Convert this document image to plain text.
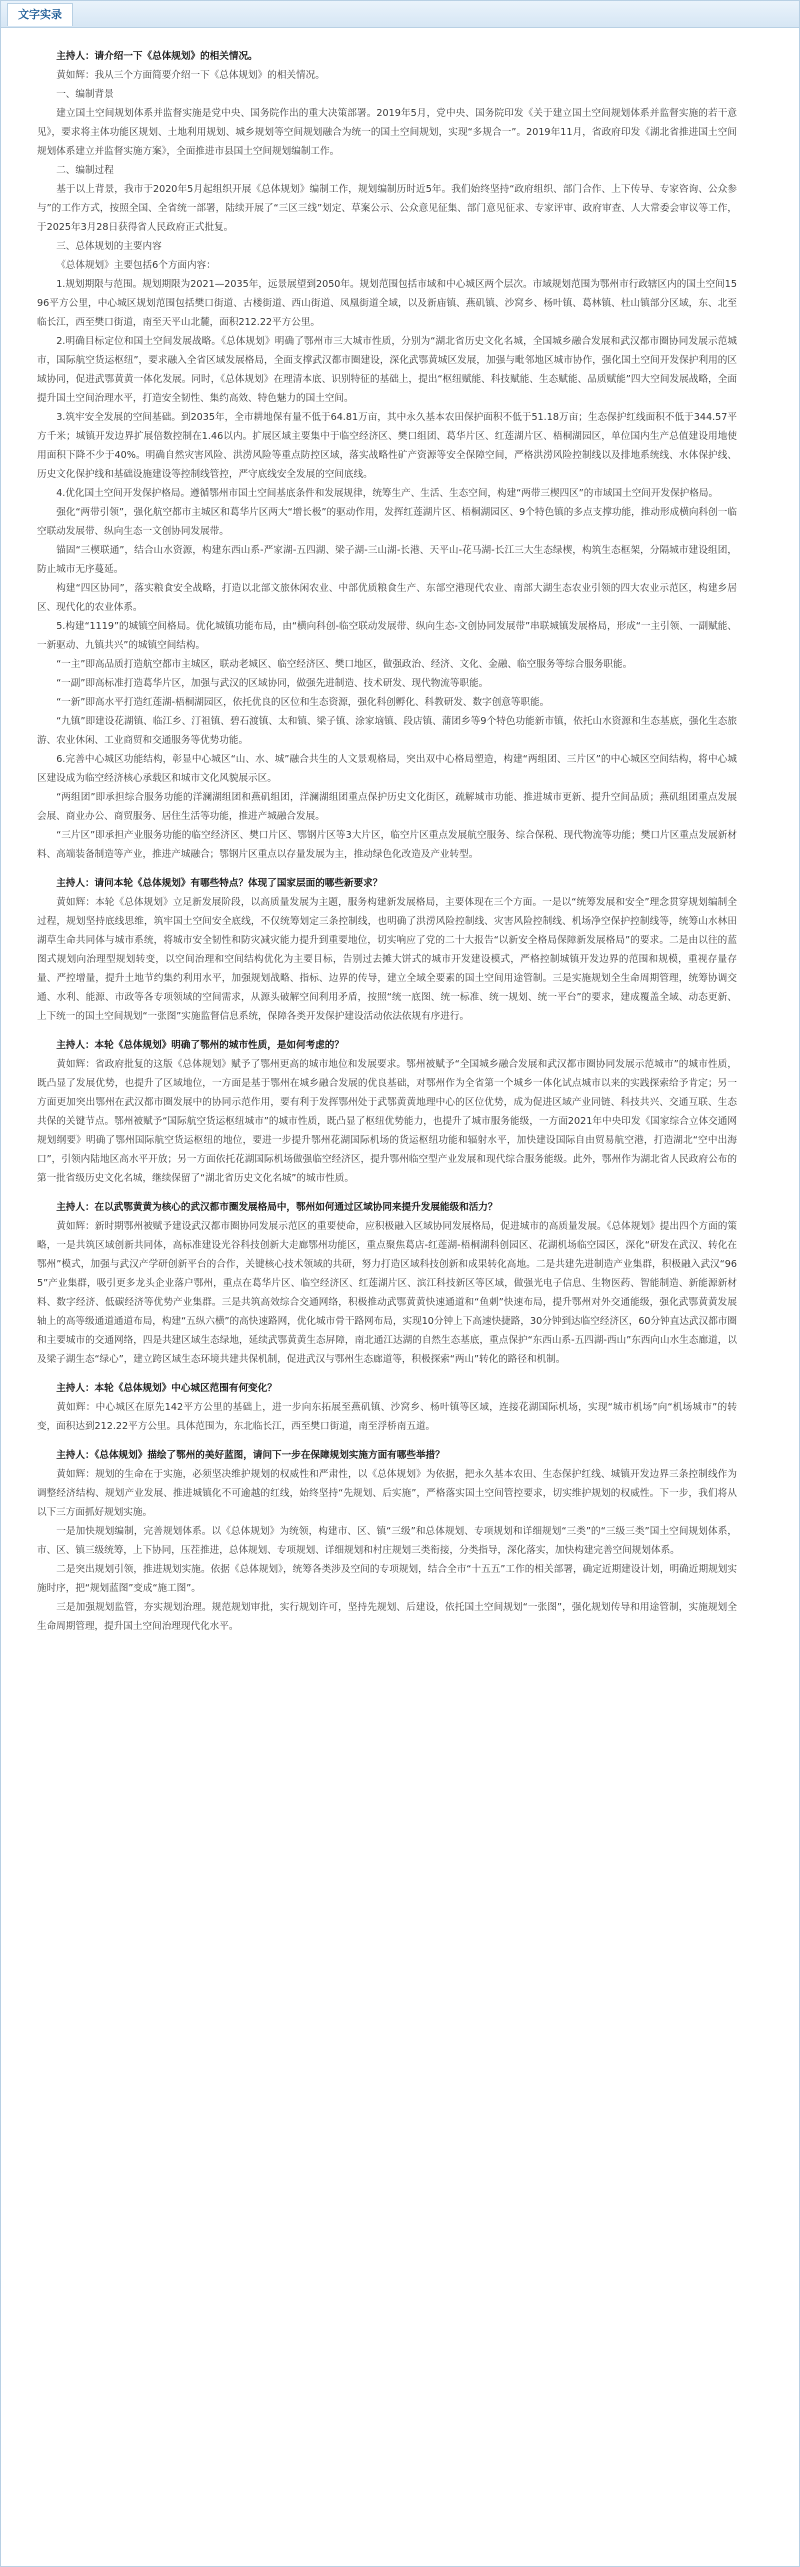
文字实录

主持人：请介绍一下《总体规划》的相关情况。

黄如辉：我从三个方面简要介绍一下《总体规划》的相关情况。

一、编制背景

建立国土空间规划体系并监督实施是党中央、国务院作出的重大决策部署。2019年5月，党中央、国务院印发《关于建立国土空间规划体系并监督实施的若干意见》，要求将主体功能区规划、土地利用规划、城乡规划等空间规划融合为统一的国土空间规划，实现“多规合一”。2019年11月，省政府印发《湖北省推进国土空间规划体系建立并监督实施方案》，全面推进市县国土空间规划编制工作。

二、编制过程

基于以上背景，我市于2020年5月起组织开展《总体规划》编制工作，规划编制历时近5年。我们始终坚持“政府组织、部门合作、上下传导、专家咨询、公众参与”的工作方式，按照全国、全省统一部署，陆续开展了“三区三线”划定、草案公示、公众意见征集、部门意见征求、专家评审、政府审查、人大常委会审议等工作，于2025年3月28日获得省人民政府正式批复。

三、总体规划的主要内容

《总体规划》主要包括6个方面内容：

1.规划期限与范围。规划期限为2021—2035年，远景展望到2050年。规划范围包括市域和中心城区两个层次。市域规划范围为鄂州市行政辖区内的国土空间1596平方公里，中心城区规划范围包括樊口街道、古楼街道、西山街道、凤凰街道全域，以及新庙镇、燕矶镇、沙窝乡、杨叶镇、葛林镇、杜山镇部分区域，东、北至临长江，西至樊口街道，南至天平山北麓，面积212.22平方公里。

2.明确目标定位和国土空间发展战略。《总体规划》明确了鄂州市三大城市性质，分别为“湖北省历史文化名城，全国城乡融合发展和武汉都市圈协同发展示范城市，国际航空货运枢纽”，要求融入全省区域发展格局，全面支撑武汉都市圈建设，深化武鄂黄城区发展，加强与毗邻地区城市协作，强化国土空间开发保护利用的区域协同，促进武鄂黄黄一体化发展。同时，《总体规划》在理清本底、识别特征的基础上，提出“枢纽赋能、科技赋能、生态赋能、品质赋能”四大空间发展战略，全面提升国土空间治理水平，打造安全韧性、集约高效、特色魅力的国土空间。

3.筑牢安全发展的空间基础。到2035年，全市耕地保有量不低于64.81万亩，其中永久基本农田保护面积不低于51.18万亩；生态保护红线面积不低于344.57平方千米；城镇开发边界扩展倍数控制在1.46以内。扩展区域主要集中于临空经济区、樊口组团、葛华片区、红莲湖片区、梧桐湖园区，单位国内生产总值建设用地使用面积下降不少于40%。明确自然灾害风险、洪涝风险等重点防控区域，落实战略性矿产资源等安全保障空间，严格洪涝风险控制线以及排地系统线、水体保护线、历史文化保护线和基础设施建设等控制线管控，严守底线安全发展的空间底线。

4.优化国土空间开发保护格局。遵循鄂州市国土空间基底条件和发展规律，统筹生产、生活、生态空间，构建“两带三楔四区”的市域国土空间开发保护格局。

强化“两带引领”，强化航空都市主城区和葛华片区两大“增长极”的驱动作用，发挥红莲湖片区、梧桐湖园区、9个特色镇的多点支撑功能，推动形成横向科创一临空联动发展带、纵向生态一文创协同发展带。

锚固“三楔联通”，结合山水资源，构建东西山系-严家湖-五四湖、梁子湖-三山湖-长港、天平山-花马湖-长江三大生态绿楔，构筑生态框架，分隔城市建设组团，防止城市无序蔓延。

构建“四区协同”，落实粮食安全战略，打造以北部文旅休闲农业、中部优质粮食生产、东部空港现代农业、南部大湖生态农业引领的四大农业示范区，构建乡居区、现代化的农业体系。

5.构建“1119”的城镇空间格局。优化城镇功能布局，由“横向科创-临空联动发展带、纵向生态-文创协同发展带”串联城镇发展格局，形成“一主引领、一副赋能、一新驱动、九镇共兴”的城镇空间结构。

“一主”即高品质打造航空都市主城区，联动老城区、临空经济区、樊口地区，做强政治、经济、文化、金融、临空服务等综合服务职能。

“一副”即高标准打造葛华片区，加强与武汉的区域协同，做强先进制造、技术研发、现代物流等职能。

“一新”即高水平打造红莲湖-梧桐湖园区，依托优良的区位和生态资源，强化科创孵化、科教研发、数字创意等职能。

“九镇”即建设花湖镇、临江乡、汀祖镇、碧石渡镇、太和镇、梁子镇、涂家垴镇、段店镇、蒲团乡等9个特色功能新市镇，依托山水资源和生态基底，强化生态旅游、农业休闲、工业商贸和交通服务等优势功能。

6.完善中心城区功能结构，彰显中心城区“山、水、城”融合共生的人文景观格局，突出双中心格局塑造，构建“两组团、三片区”的中心城区空间结构，将中心城区建设成为临空经济核心承载区和城市文化风貌展示区。

“两组团”即承担综合服务功能的洋澜湖组团和燕矶组团，洋澜湖组团重点保护历史文化街区，疏解城市功能、推进城市更新、提升空间品质；燕矶组团重点发展会展、商业办公、商贸服务、居住生活等功能，推进产城融合发展。

“三片区”即承担产业服务功能的临空经济区、樊口片区、鄂钢片区等3大片区，临空片区重点发展航空服务、综合保税、现代物流等功能；樊口片区重点发展新材料、高端装备制造等产业，推进产城融合；鄂钢片区重点以存量发展为主，推动绿色化改造及产业转型。

主持人：请问本轮《总体规划》有哪些特点？体现了国家层面的哪些新要求？

黄如辉：本轮《总体规划》立足新发展阶段，以高质量发展为主题，服务构建新发展格局，主要体现在三个方面。一是以“统筹发展和安全”理念贯穿规划编制全过程，规划坚持底线思维，筑牢国土空间安全底线，不仅统筹划定三条控制线，也明确了洪涝风险控制线、灾害风险控制线、机场净空保护控制线等，统筹山水林田湖草生命共同体与城市系统，将城市安全韧性和防灾减灾能力提升到重要地位，切实响应了党的二十大报告“以新安全格局保障新发展格局”的要求。二是由以往的蓝图式规划向治理型规划转变，以空间治理和空间结构优化为主要目标，告别过去摊大饼式的城市开发建设模式，严格控制城镇开发边界的范围和规模，重视存量存量、严控增量，提升土地节约集约利用水平，加强规划战略、指标、边界的传导，建立全域全要素的国土空间用途管制。三是实施规划全生命周期管理，统筹协调交通、水利、能源、市政等各专项领域的空间需求，从源头破解空间利用矛盾，按照“统一底图、统一标准、统一规划、统一平台”的要求，建成覆盖全域、动态更新、上下统一的国土空间规划“一张图”实施监督信息系统，保障各类开发保护建设活动依法依规有序进行。

主持人：本轮《总体规划》明确了鄂州的城市性质，是如何考虑的？

黄如辉：省政府批复的这版《总体规划》赋予了鄂州更高的城市地位和发展要求。鄂州被赋予“全国城乡融合发展和武汉都市圈协同发展示范城市”的城市性质，既凸显了发展优势，也提升了区域地位，一方面是基于鄂州在城乡融合发展的优良基础，对鄂州作为全省第一个城乡一体化试点城市以来的实践探索给予肯定；另一方面更加突出鄂州在武汉都市圈发展中的协同示范作用，要有利于发挥鄂州处于武鄂黄黄地理中心的区位优势，成为促进区域产业同链、科技共兴、交通互联、生态共保的关键节点。鄂州被赋予“国际航空货运枢纽城市”的城市性质，既凸显了枢纽优势能力，也提升了城市服务能级，一方面2021年中央印发《国家综合立体交通网规划纲要》明确了鄂州国际航空货运枢纽的地位，要进一步提升鄂州花湖国际机场的货运枢纽功能和辐射水平，加快建设国际自由贸易航空港，打造湖北“空中出海口”，引领内陆地区高水平开放；另一方面依托花湖国际机场做强临空经济区，提升鄂州临空型产业发展和现代综合服务能级。此外，鄂州作为湖北省人民政府公布的第一批省级历史文化名城，继续保留了“湖北省历史文化名城”的城市性质。

主持人：在以武鄂黄黄为核心的武汉都市圈发展格局中，鄂州如何通过区域协同来提升发展能级和活力？

黄如辉：新时期鄂州被赋予建设武汉都市圈协同发展示范区的重要使命，应积极融入区域协同发展格局，促进城市的高质量发展。《总体规划》提出四个方面的策略，一是共筑区域创新共同体，高标准建设光谷科技创新大走廊鄂州功能区，重点聚焦葛店-红莲湖-梧桐湖科创园区、花湖机场临空园区，深化“研发在武汉、转化在鄂州”模式，加强与武汉产学研创新平台的合作，关键核心技术领域的共研，努力打造区域科技创新和成果转化高地。二是共建先进制造产业集群，积极融入武汉“965”产业集群，吸引更多龙头企业落户鄂州，重点在葛华片区、临空经济区、红莲湖片区、滨江科技新区等区域，做强光电子信息、生物医药、智能制造、新能源新材料、数字经济、低碳经济等优势产业集群。三是共筑高效综合交通网络，积极推动武鄂黄黄快速通道和“鱼刺”快速布局，提升鄂州对外交通能级，强化武鄂黄黄发展轴上的高等级通道通道布局，构建“五纵六横”的高快速路网，优化城市骨干路网布局，实现10分钟上下高速快捷路，30分钟到达临空经济区，60分钟直达武汉都市圈和主要城市的交通网络，四是共建区域生态绿地，延续武鄂黄黄生态屏障，南北通江达湖的自然生态基底，重点保护“东西山系-五四湖-西山”东西向山水生态廊道，以及梁子湖生态“绿心”，建立跨区域生态环境共建共保机制，促进武汉与鄂州生态廊道等，积极探索“两山”转化的路径和机制。

主持人：本轮《总体规划》中心城区范围有何变化？

黄如辉：中心城区在原先142平方公里的基础上，进一步向东拓展至燕矶镇、沙窝乡、杨叶镇等区域，连接花湖国际机场，实现“城市机场”向“机场城市”的转变，面积达到212.22平方公里。具体范围为，东北临长江，西至樊口街道，南至浮桥南五道。

主持人：《总体规划》描绘了鄂州的美好蓝图，请问下一步在保障规划实施方面有哪些举措？

黄如辉：规划的生命在于实施，必须坚决维护规划的权威性和严肃性，以《总体规划》为依据，把永久基本农田、生态保护红线、城镇开发边界三条控制线作为调整经济结构、规划产业发展、推进城镇化不可逾越的红线，始终坚持“先规划、后实施”，严格落实国土空间管控要求，切实维护规划的权威性。下一步，我们将从以下三方面抓好规划实施。

一是加快规划编制，完善规划体系。以《总体规划》为统领，构建市、区、镇“三级”和总体规划、专项规划和详细规划“三类”的“三级三类”国土空间规划体系，市、区、镇三级统筹，上下协同，压茬推进，总体规划、专项规划、详细规划和村庄规划三类衔接，分类指导，深化落实，加快构建完善空间规划体系。

二是突出规划引领，推进规划实施。依据《总体规划》，统筹各类涉及空间的专项规划，结合全市“十五五”工作的相关部署，确定近期建设计划，明确近期规划实施时序，把“规划蓝图”变成“施工图”。

三是加强规划监管，夯实规划治理。规范规划审批，实行规划许可，坚持先规划、后建设，依托国土空间规划“一张图”，强化规划传导和用途管制，实施规划全生命周期管理，提升国土空间治理现代化水平。
